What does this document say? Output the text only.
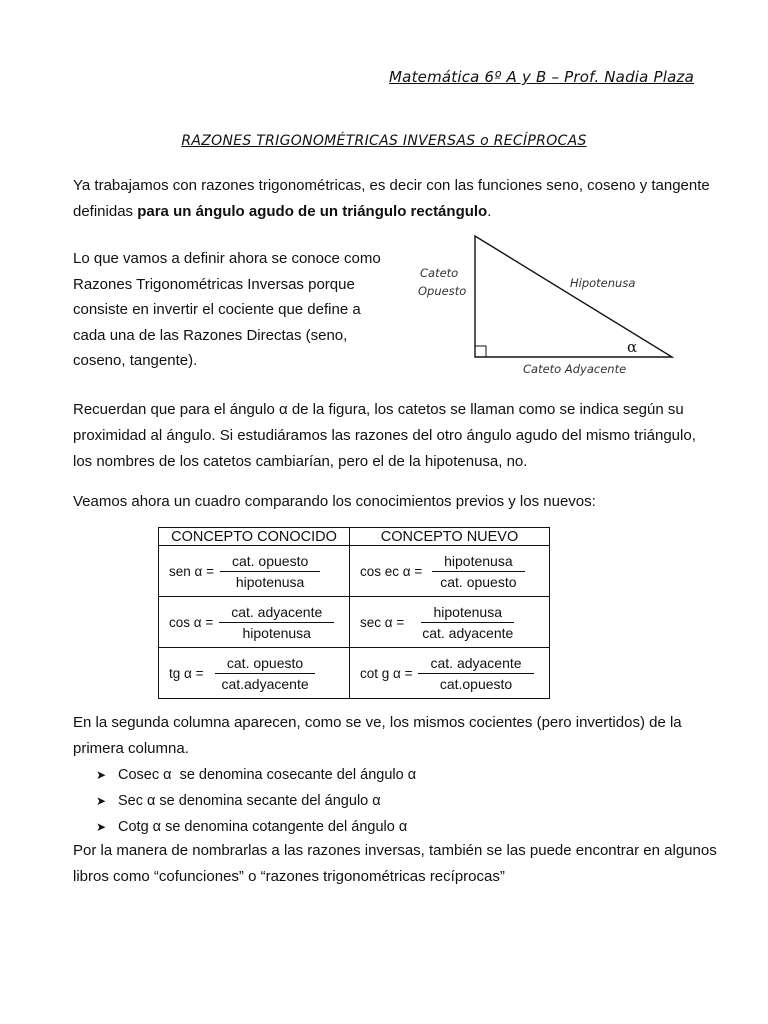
Matemática 6º A y B – Prof. Nadia Plaza
RAZONES TRIGONOMÉTRICAS INVERSAS o RECÍPROCAS
Ya trabajamos con razones trigonométricas, es decir con las funciones seno, coseno y tangente definidas para un ángulo agudo de un triángulo rectángulo.
Lo que vamos a definir ahora se conoce como Razones Trigonométricas Inversas porque consiste en invertir el cociente que define a cada una de las Razones Directas (seno, coseno, tangente).
Cateto
Opuesto
Hipotenusa
Cateto Adyacente
α
Recuerdan que para el ángulo α de la figura, los catetos se llaman como se indica según su proximidad al ángulo. Si estudiáramos las razones del otro ángulo agudo del mismo triángulo, los nombres de los catetos cambiarían, pero el de la hipotenusa, no.
Veamos ahora un cuadro comparando los conocimientos previos y los nuevos:
CONCEPTO CONOCIDO	CONCEPTO NUEVO

sen $\alpha = \frac{\text{cat. opuesto}}{\text{hipotenusa}}$	cos ec $\alpha = \frac{\text{hipotenusa}}{\text{cat. opuesto}}$

$\cos \alpha = \frac{\text{cat. adyacente}}{\text{hipotenusa}}$	$\sec \alpha = \frac{\text{hipotenusa}}{\text{cat. adyacente}}$

tg $\alpha = \frac{\text{cat. opuesto}}{\text{cat.adyacente}}$	cot g $\alpha = \frac{\text{cat. adyacente}}{\text{cat.opuesto}}$
En la segunda columna aparecen, como se ve, los mismos cocientes (pero invertidos) de la primera columna.
➤ Cosec α se denomina cosecante del ángulo α
➤ Sec α se denomina secante del ángulo α
➤ Cotg α se denomina cotangente del ángulo α
Por la manera de nombrarlas a las razones inversas, también se las puede encontrar en algunos libros como “cofunciones” o “razones trigonométricas recíprocas”
